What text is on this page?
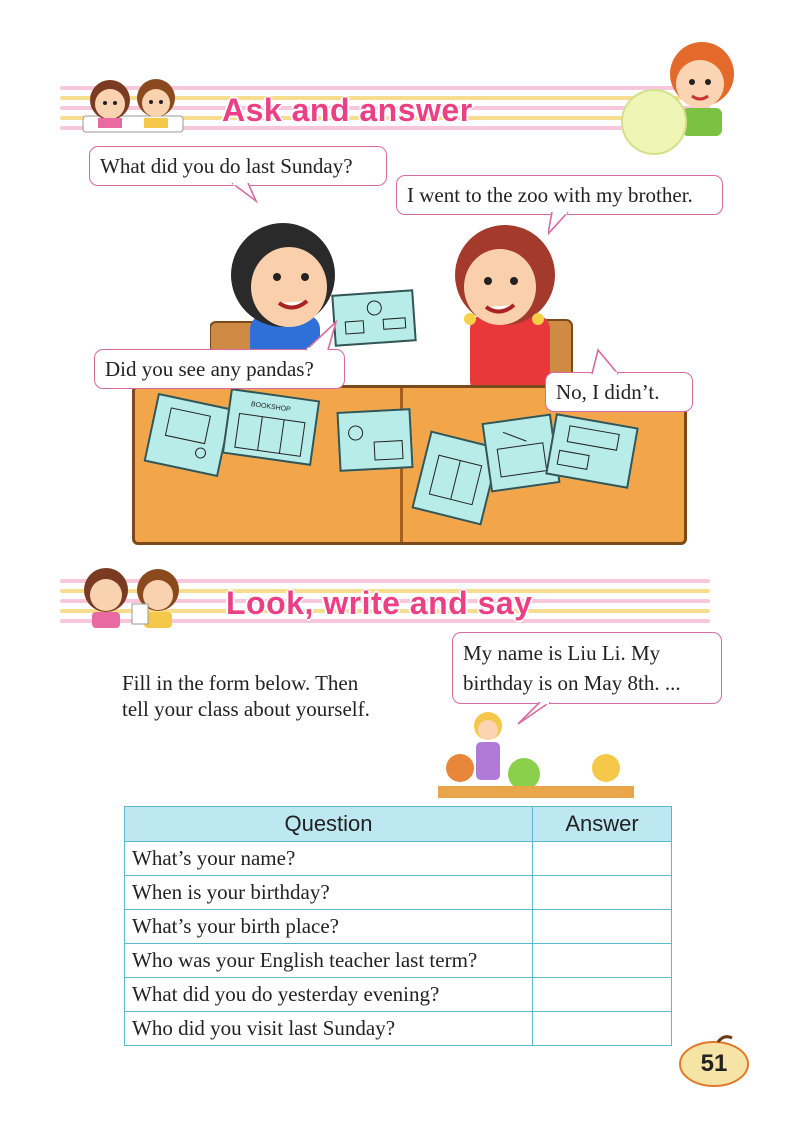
Ask and answer
BOOKSHOP
What did you do last Sunday?
I went to the zoo with my brother.
Did you see any pandas?
No, I didn’t.
Look, write and say
Fill in the form below. Then
tell your class about yourself.
My name is Liu Li. My
birthday is on May 8th. ...
Question	Answer
What’s your name?	
When is your birthday?	
What’s your birth place?	
Who was your English teacher last term?	
What did you do yesterday evening?	
Who did you visit last Sunday?	
51
